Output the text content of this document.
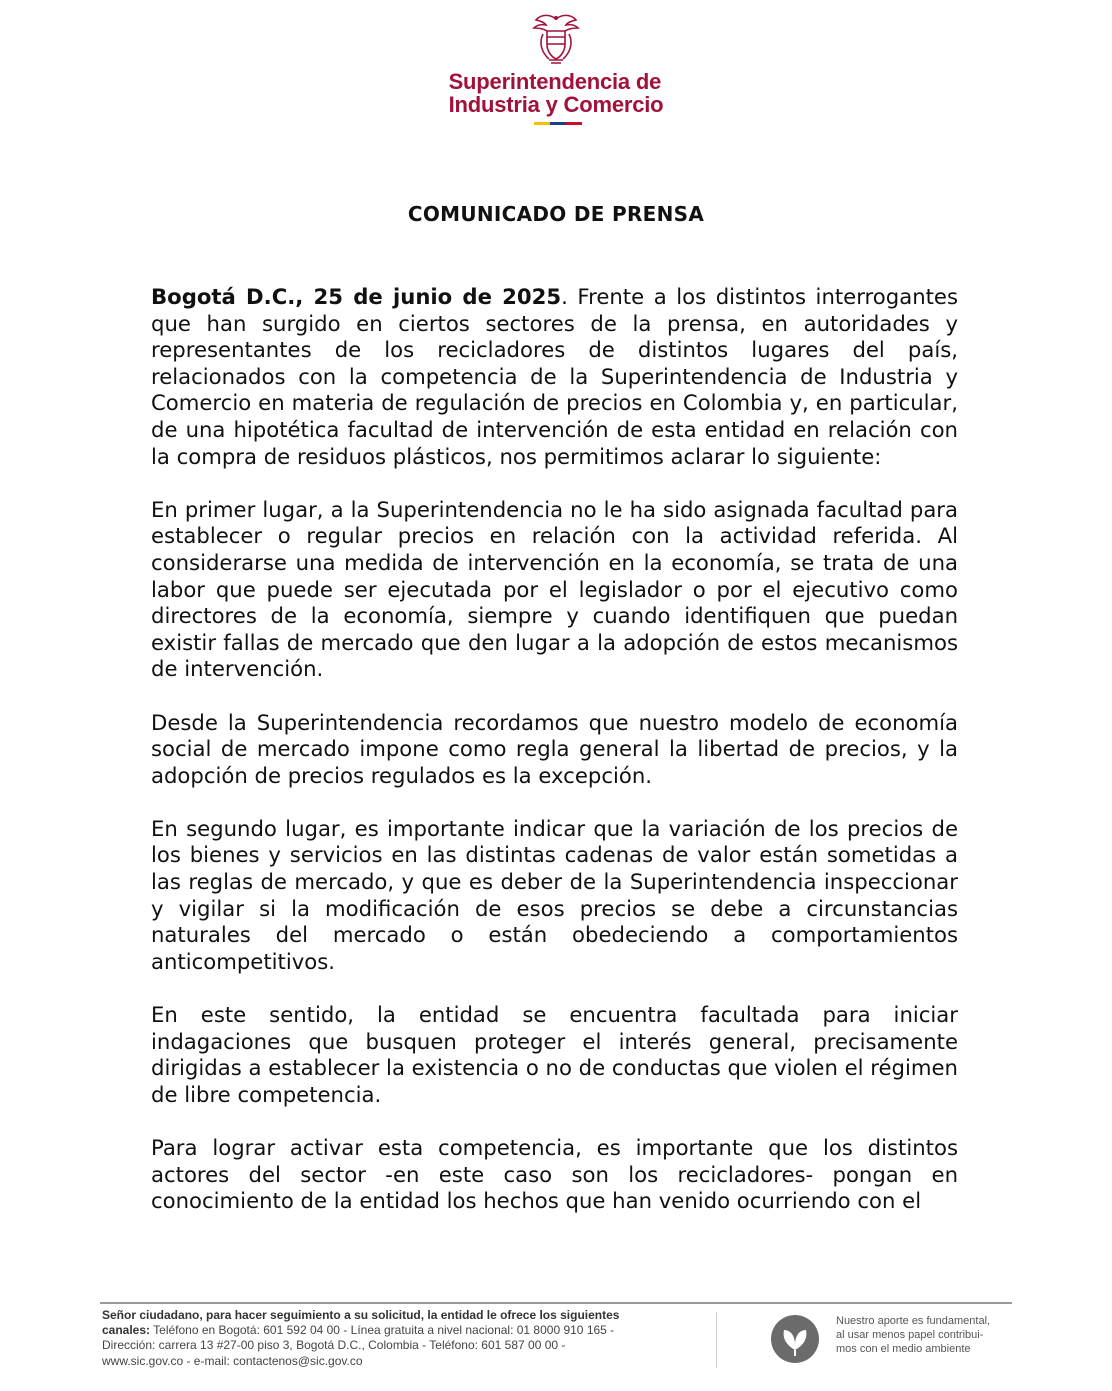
Superintendencia de
Industria y Comercio
COMUNICADO DE PRENSA

Bogotá D.C., 25 de junio de 2025. Frente a los distintos interrogantes que han surgido en ciertos sectores de la prensa, en autoridades y representantes de los recicladores de distintos lugares del país, relacionados con la competencia de la Superintendencia de Industria y Comercio en materia de regulación de precios en Colombia y, en particular, de una hipotética facultad de intervención de esta entidad en relación con la compra de residuos plásticos, nos permitimos aclarar lo siguiente:

En primer lugar, a la Superintendencia no le ha sido asignada facultad para establecer o regular precios en relación con la actividad referida. Al considerarse una medida de intervención en la economía, se trata de una labor que puede ser ejecutada por el legislador o por el ejecutivo como directores de la economía, siempre y cuando identifiquen que puedan existir fallas de mercado que den lugar a la adopción de estos mecanismos de intervención.

Desde la Superintendencia recordamos que nuestro modelo de economía social de mercado impone como regla general la libertad de precios, y la adopción de precios regulados es la excepción.

En segundo lugar, es importante indicar que la variación de los precios de los bienes y servicios en las distintas cadenas de valor están sometidas a las reglas de mercado, y que es deber de la Superintendencia inspeccionar y vigilar si la modificación de esos precios se debe a circunstancias naturales del mercado o están obedeciendo a comportamientos anticompetitivos.

En este sentido, la entidad se encuentra facultada para iniciar indagaciones que busquen proteger el interés general, precisamente dirigidas a establecer la existencia o no de conductas que violen el régimen de libre competencia.

Para lograr activar esta competencia, es importante que los distintos actores del sector -en este caso son los recicladores- pongan en conocimiento de la entidad los hechos que han venido ocurriendo con el

Señor ciudadano, para hacer seguimiento a su solicitud, la entidad le ofrece los siguientes
canales: Teléfono en Bogotá: 601 592 04 00 - Línea gratuita a nivel nacional: 01 8000 910 165 -
Dirección: carrera 13 #27-00 piso 3, Bogotá D.C., Colombia - Teléfono: 601 587 00 00 -
www.sic.gov.co - e-mail: contactenos@sic.gov.co
Nuestro aporte es fundamental,
al usar menos papel contribui-
mos con el medio ambiente
